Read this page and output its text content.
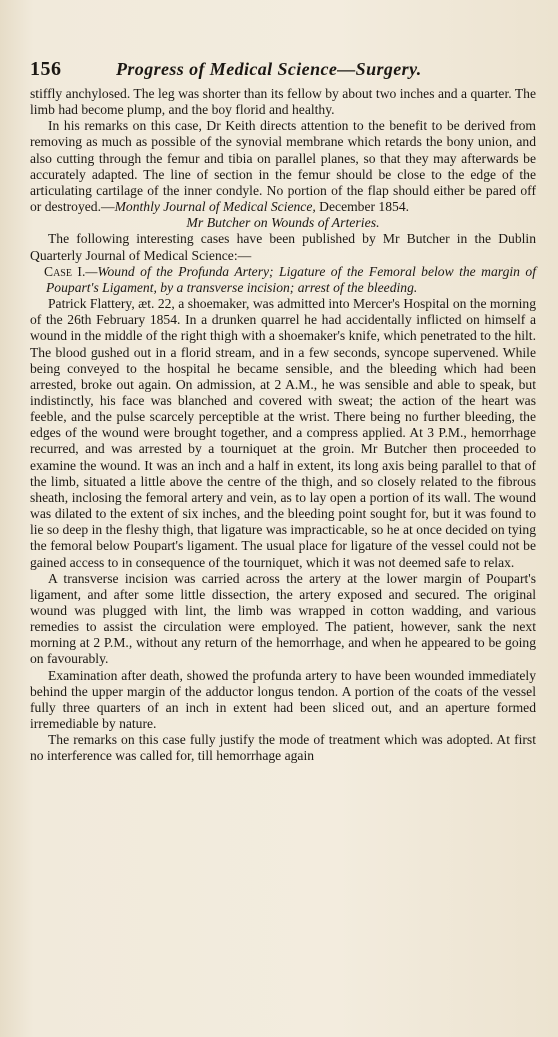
156	Progress of Medical Science—Surgery.

stiffly anchylosed. The leg was shorter than its fellow by about two inches and a quarter. The limb had become plump, and the boy florid and healthy.

In his remarks on this case, Dr Keith directs attention to the benefit to be derived from removing as much as possible of the synovial membrane which retards the bony union, and also cutting through the femur and tibia on parallel planes, so that they may afterwards be accurately adapted. The line of section in the femur should be close to the edge of the articulating cartilage of the inner condyle. No portion of the flap should either be pared off or destroyed.—Monthly Journal of Medical Science, December 1854.

Mr Butcher on Wounds of Arteries.

The following interesting cases have been published by Mr Butcher in the Dublin Quarterly Journal of Medical Science:—

Case I.—Wound of the Profunda Artery; Ligature of the Femoral below the margin of Poupart's Ligament, by a transverse incision; arrest of the bleeding.

Patrick Flattery, æt. 22, a shoemaker, was admitted into Mercer's Hospital on the morning of the 26th February 1854. In a drunken quarrel he had accidentally inflicted on himself a wound in the middle of the right thigh with a shoemaker's knife, which penetrated to the hilt. The blood gushed out in a florid stream, and in a few seconds, syncope supervened. While being conveyed to the hospital he became sensible, and the bleeding which had been arrested, broke out again. On admission, at 2 A.M., he was sensible and able to speak, but indistinctly, his face was blanched and covered with sweat; the action of the heart was feeble, and the pulse scarcely perceptible at the wrist. There being no further bleeding, the edges of the wound were brought together, and a compress applied. At 3 P.M., hemorrhage recurred, and was arrested by a tourniquet at the groin. Mr Butcher then proceeded to examine the wound. It was an inch and a half in extent, its long axis being parallel to that of the limb, situated a little above the centre of the thigh, and so closely related to the fibrous sheath, inclosing the femoral artery and vein, as to lay open a portion of its wall. The wound was dilated to the extent of six inches, and the bleeding point sought for, but it was found to lie so deep in the fleshy thigh, that ligature was impracticable, so he at once decided on tying the femoral below Poupart's ligament. The usual place for ligature of the vessel could not be gained access to in consequence of the tourniquet, which it was not deemed safe to relax.

A transverse incision was carried across the artery at the lower margin of Poupart's ligament, and after some little dissection, the artery exposed and secured. The original wound was plugged with lint, the limb was wrapped in cotton wadding, and various remedies to assist the circulation were employed. The patient, however, sank the next morning at 2 P.M., without any return of the hemorrhage, and when he appeared to be going on favourably.

Examination after death, showed the profunda artery to have been wounded immediately behind the upper margin of the adductor longus tendon. A portion of the coats of the vessel fully three quarters of an inch in extent had been sliced out, and an aperture formed irremediable by nature.

The remarks on this case fully justify the mode of treatment which was adopted. At first no interference was called for, till hemorrhage again
